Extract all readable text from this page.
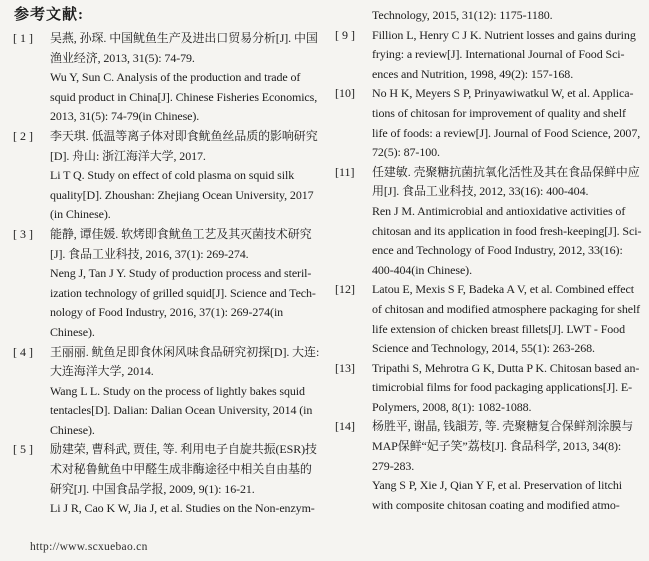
参考文献:
[ 1 ]	吴燕, 孙琛. 中国鱿鱼生产及进出口贸易分析[J]. 中国
渔业经济, 2013, 31(5): 74-79.
Wu Y, Sun C. Analysis of the production and trade of
squid product in China[J]. Chinese Fisheries Economics,
2013, 31(5): 74-79(in Chinese).
[ 2 ]	李天琪. 低温等离子体对即食鱿鱼丝品质的影响研究
[D]. 舟山: 浙江海洋大学, 2017.
Li T Q. Study on effect of cold plasma on squid silk
quality[D]. Zhoushan: Zhejiang Ocean University, 2017
(in Chinese).
[ 3 ]	能静, 谭佳媛. 软烤即食鱿鱼工艺及其灭菌技术研究
[J]. 食品工业科技, 2016, 37(1): 269-274.
Neng J, Tan J Y. Study of production process and steril-
ization technology of grilled squid[J]. Science and Tech-
nology of Food Industry, 2016, 37(1): 269-274(in
Chinese).
[ 4 ]	王丽丽. 鱿鱼足即食休闲风味食品研究初探[D]. 大连:
大连海洋大学, 2014.
Wang L L. Study on the process of lightly bakes squid
tentacles[D]. Dalian: Dalian Ocean University, 2014 (in
Chinese).
[ 5 ]	励建荣, 曹科武, 贾佳, 等. 利用电子自旋共振(ESR)技
术对秘鲁鱿鱼中甲醛生成非酶途径中相关自由基的
研究[J]. 中国食品学报, 2009, 9(1): 16-21.
Li J R, Cao K W, Jia J, et al. Studies on the Non-enzym-
Technology, 2015, 31(12): 1175-1180.
[ 9 ]	Fillion L, Henry C J K. Nutrient losses and gains during
frying: a review[J]. International Journal of Food Sci-
ences and Nutrition, 1998, 49(2): 157-168.
[10]	No H K, Meyers S P, Prinyawiwatkul W, et al. Applica-
tions of chitosan for improvement of quality and shelf
life of foods: a review[J]. Journal of Food Science, 2007,
72(5): 87-100.
[11]	任建敏. 壳聚糖抗菌抗氧化活性及其在食品保鲜中应
用[J]. 食品工业科技, 2012, 33(16): 400-404.
Ren J M. Antimicrobial and antioxidative activities of
chitosan and its application in food fresh-keeping[J]. Sci-
ence and Technology of Food Industry, 2012, 33(16):
400-404(in Chinese).
[12]	Latou E, Mexis S F, Badeka A V, et al. Combined effect
of chitosan and modified atmosphere packaging for shelf
life extension of chicken breast fillets[J]. LWT - Food
Science and Technology, 2014, 55(1): 263-268.
[13]	Tripathi S, Mehrotra G K, Dutta P K. Chitosan based an-
timicrobial films for food packaging applications[J]. E-
Polymers, 2008, 8(1): 1082-1088.
[14]	杨胜平, 谢晶, 钱韻芳, 等. 壳聚糖复合保鲜剂涂膜与
MAP保鲜“妃子笑”荔枝[J]. 食品科学, 2013, 34(8):
279-283.
Yang S P, Xie J, Qian Y F, et al. Preservation of litchi
with composite chitosan coating and modified atmo-
http://www.scxuebao.cn
